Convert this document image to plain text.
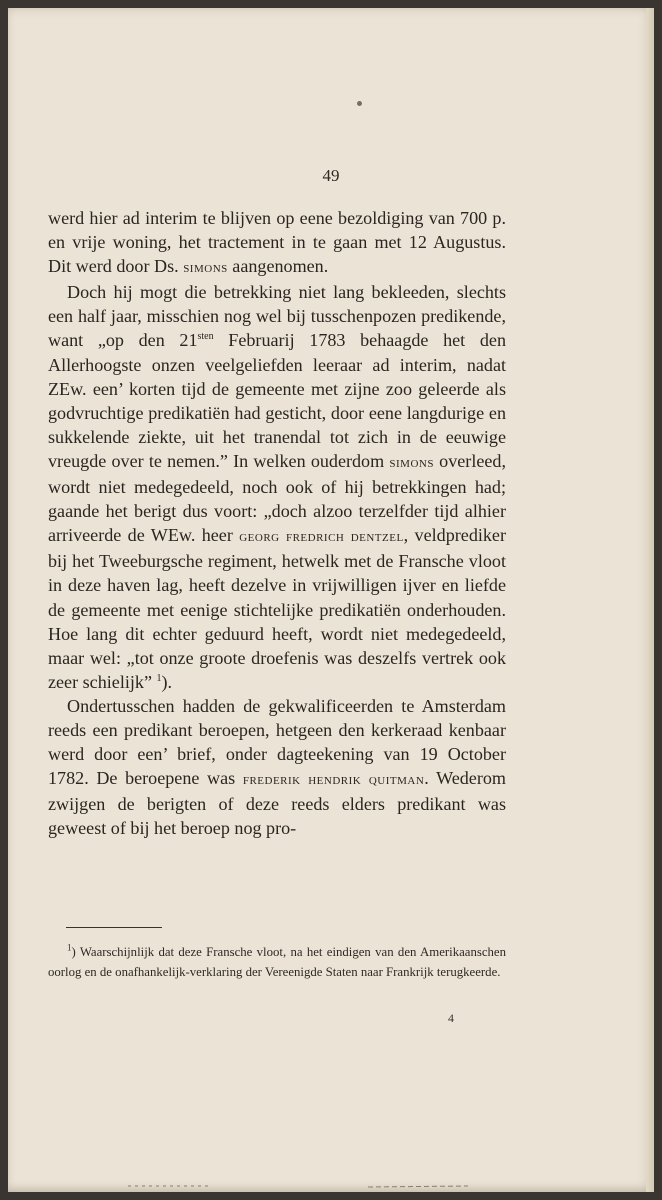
49

werd hier ad interim te blijven op eene bezoldiging van 700 p. en vrije woning, het tractement in te gaan met 12 Augustus. Dit werd door Ds. simons aangenomen.

Doch hij mogt die betrekking niet lang bekleeden, slechts een half jaar, misschien nog wel bij tusschenpozen predikende, want „op den $21^{sten}$ Februarij 1783 behaagde het den Allerhoogste onzen veelgeliefden leeraar ad interim, nadat ZEw. een’ korten tijd de gemeente met zijne zoo geleerde als godvruchtige predikatiën had gesticht, door eene langdurige en sukkelende ziekte, uit het tranendal tot zich in de eeuwige vreugde over te nemen.” In welken ouderdom simons overleed, wordt niet medegedeeld, noch ook of hij betrekkingen had; gaande het berigt dus voort: „doch alzoo terzelfder tijd alhier arriveerde de WEw. heer georg fredrich dentzel, veldprediker bij het Tweeburgsche regiment, hetwelk met de Fransche vloot in deze haven lag, heeft dezelve in vrijwilligen ijver en liefde de gemeente met eenige stichtelijke predikatiën onderhouden. Hoe lang dit echter geduurd heeft, wordt niet medegedeeld, maar wel: „tot onze groote droefenis was deszelfs vertrek ook zeer schielijk” $^1$).

Ondertusschen hadden de gekwalificeerden te Amsterdam reeds een predikant beroepen, hetgeen den kerkeraad kenbaar werd door een’ brief, onder dagteekening van 19 October 1782. De beroepene was frederik hendrik quitman. Wederom zwijgen de berigten of deze reeds elders predikant was geweest of bij het beroep nog pro-

$^1$) Waarschijnlijk dat deze Fransche vloot, na het eindigen van den Amerikaanschen oorlog en de onafhankelijk-verklaring der Vereenigde Staten naar Frankrijk terugkeerde.
4
